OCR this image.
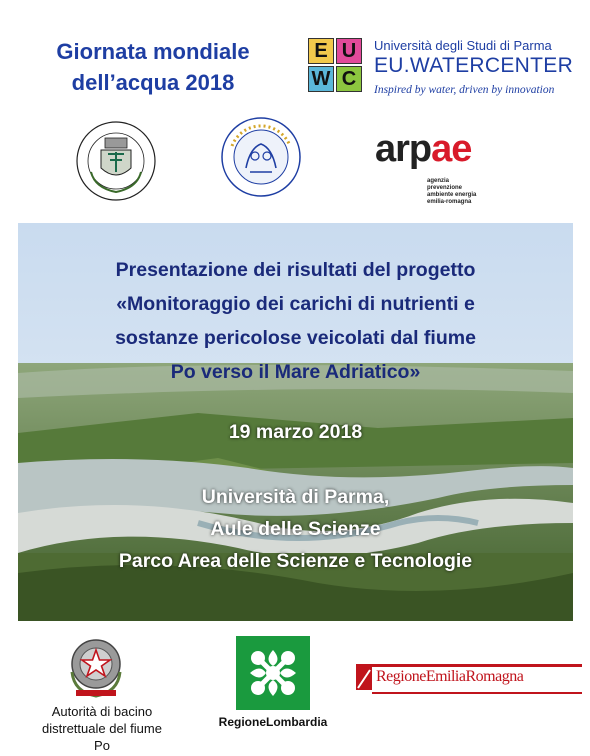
Giornata mondiale
dell’acqua 2018
E U
W C
Università degli Studi di Parma
EU.WATERCENTER
Inspired by water, driven by innovation
arpae
agenzia
prevenzione
ambiente energia
emilia-romagna
Presentazione dei risultati del progetto
«Monitoraggio dei carichi di nutrienti e
sostanze pericolose veicolati dal fiume
Po verso il Mare Adriatico»
19 marzo 2018
Università di Parma,
Aule delle Scienze
Parco Area delle Scienze e Tecnologie
Autorità di bacino
distrettuale del fiume Po
RegioneLombardia
RegioneEmiliaRomagna
